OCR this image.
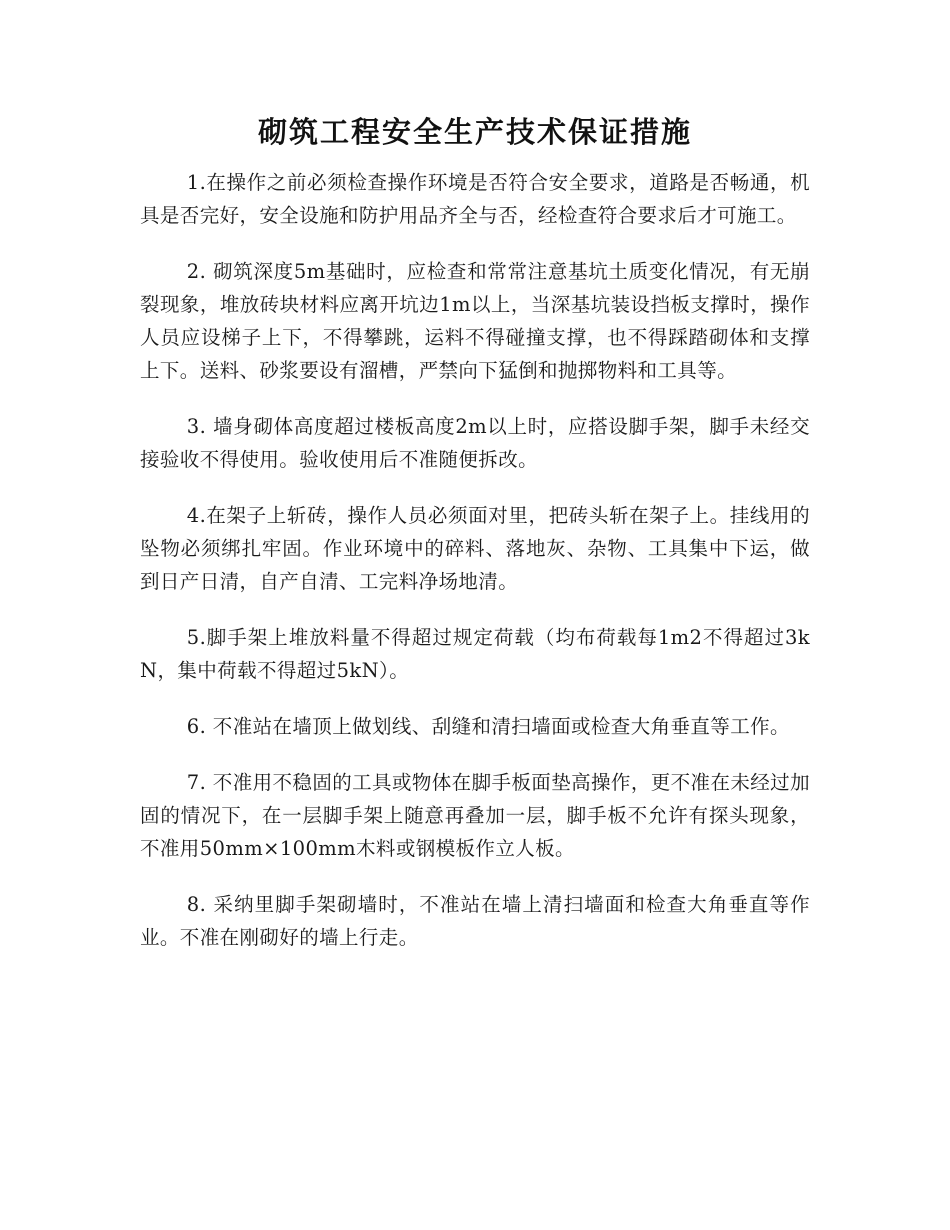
砌筑工程安全生产技术保证措施

1.在操作之前必须检查操作环境是否符合安全要求，道路是否畅通，机具是否完好，安全设施和防护用品齐全与否，经检查符合要求后才可施工。

2. 砌筑深度5m基础时，应检查和常常注意基坑土质变化情况，有无崩裂现象，堆放砖块材料应离开坑边1m以上，当深基坑装设挡板支撑时，操作人员应设梯子上下，不得攀跳，运料不得碰撞支撑，也不得踩踏砌体和支撑上下。送料、砂浆要设有溜槽，严禁向下猛倒和抛掷物料和工具等。

3. 墙身砌体高度超过楼板高度2m以上时，应搭设脚手架，脚手未经交接验收不得使用。验收使用后不准随便拆改。

4.在架子上斩砖，操作人员必须面对里，把砖头斩在架子上。挂线用的坠物必须绑扎牢固。作业环境中的碎料、落地灰、杂物、工具集中下运，做到日产日清，自产自清、工完料净场地清。

5.脚手架上堆放料量不得超过规定荷载（均布荷载每1m2不得超过3kN，集中荷载不得超过5kN）。

6. 不准站在墙顶上做划线、刮缝和清扫墙面或检查大角垂直等工作。

7. 不准用不稳固的工具或物体在脚手板面垫高操作，更不准在未经过加固的情况下，在一层脚手架上随意再叠加一层，脚手板不允许有探头现象，不准用50mm×100mm木料或钢模板作立人板。

8. 采纳里脚手架砌墙时，不准站在墙上清扫墙面和检查大角垂直等作业。不准在刚砌好的墙上行走。
